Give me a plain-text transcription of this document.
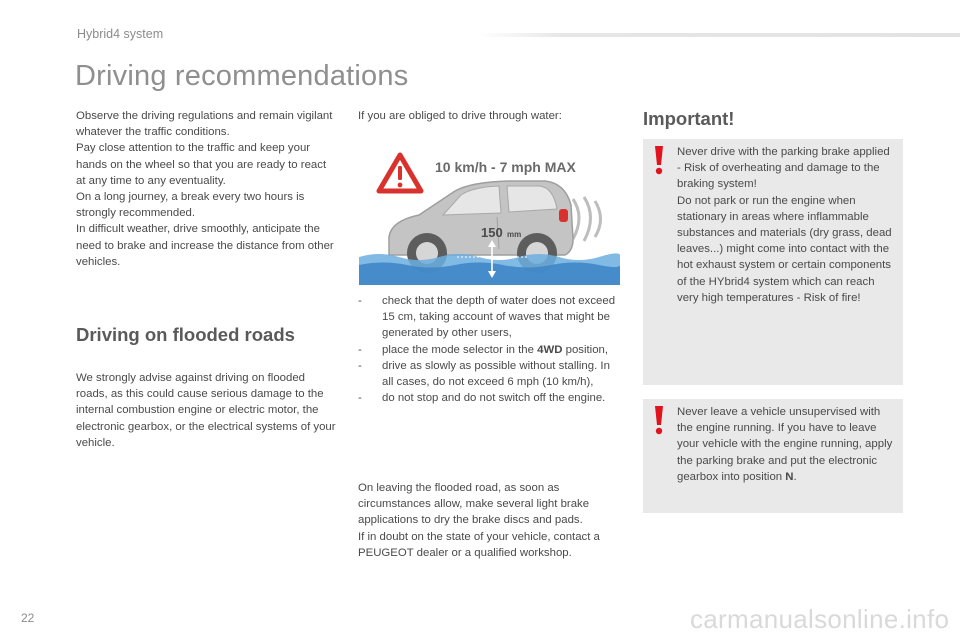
Hybrid4 system
Driving recommendations

Observe the driving regulations and remain vigilant whatever the traffic conditions.

Pay close attention to the traffic and keep your hands on the wheel so that you are ready to react at any time to any eventuality.

On a long journey, a break every two hours is strongly recommended.

In difficult weather, drive smoothly, anticipate the need to brake and increase the distance from other vehicles.

Driving on flooded roads

We strongly advise against driving on flooded roads, as this could cause serious damage to the internal combustion engine or electric motor, the electronic gearbox, or the electrical systems of your vehicle.

If you are obliged to drive through water:

10 km/h - 7 mph MAX
150 mm
- check that the depth of water does not exceed 15 cm, taking account of waves that might be generated by other users,
- place the mode selector in the 4WD position,
- drive as slowly as possible without stalling. In all cases, do not exceed 6 mph (10 km/h),
- do not stop and do not switch off the engine.

On leaving the flooded road, as soon as circumstances allow, make several light brake applications to dry the brake discs and pads.

If in doubt on the state of your vehicle, contact a PEUGEOT dealer or a qualified workshop.

Important!

Never drive with the parking brake applied - Risk of overheating and damage to the braking system!

Do not park or run the engine when stationary in areas where inflammable substances and materials (dry grass, dead leaves...) might come into contact with the hot exhaust system or certain components of the HYbrid4 system which can reach very high temperatures - Risk of fire!

Never leave a vehicle unsupervised with the engine running. If you have to leave your vehicle with the engine running, apply the parking brake and put the electronic gearbox into position N.

22	carmanualsonline.info
